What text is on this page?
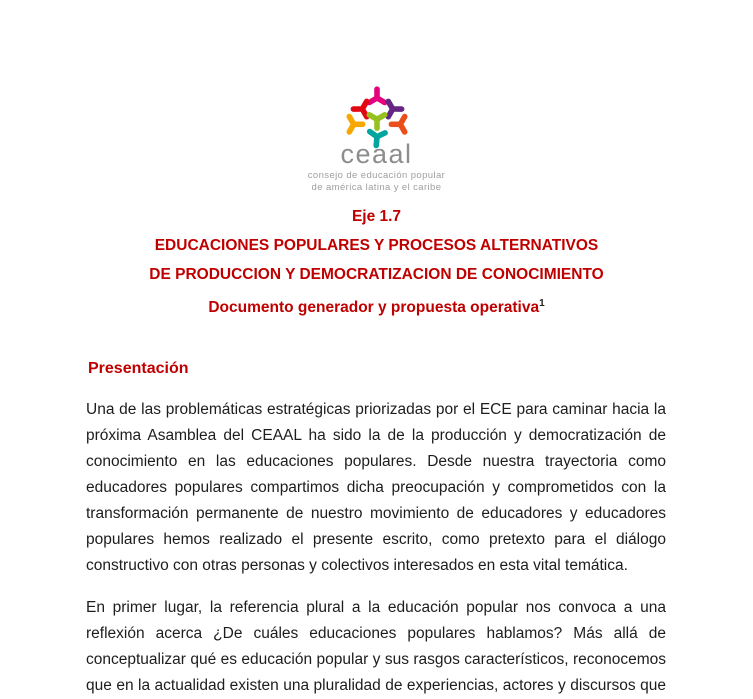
ceaal
consejo de educación popular
de américa latina y el caribe
Eje 1.7
EDUCACIONES POPULARES Y PROCESOS ALTERNATIVOS
DE PRODUCCION Y DEMOCRATIZACION DE CONOCIMIENTO
Documento generador y propuesta operativa$^1$
Presentación
Una de las problemáticas estratégicas priorizadas por el ECE para caminar hacia la
próxima Asamblea del CEAAL ha sido la de la producción y democratización de
conocimiento en las educaciones populares. Desde nuestra trayectoria como
educadores populares compartimos dicha preocupación y comprometidos con la
transformación permanente de nuestro movimiento de educadores y educadores
populares hemos realizado el presente escrito, como pretexto para el diálogo
constructivo con otras personas y colectivos interesados en esta vital temática.
En primer lugar, la referencia plural a la educación popular nos convoca a una
reflexión acerca ¿De cuáles educaciones populares hablamos? Más allá de
conceptualizar qué es educación popular y sus rasgos característicos, reconocemos
que en la actualidad existen una pluralidad de experiencias, actores y discursos que
